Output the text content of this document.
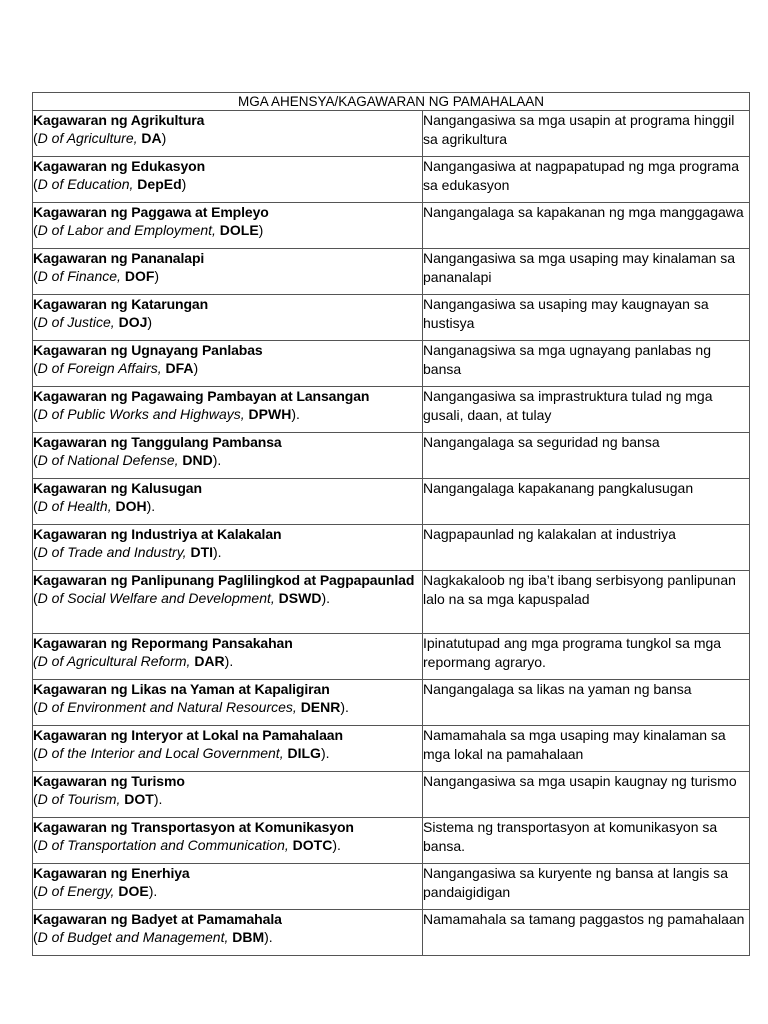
MGA AHENSYA/KAGAWARAN NG PAMAHALAAN	

Kagawaran ng Agrikultura
(D of Agriculture, DA)	Nangangasiwa sa mga usapin at programa hinggil sa agrikultura

Kagawaran ng Edukasyon
(D of Education, DepEd)	Nangangasiwa at nagpapatupad ng mga programa sa edukasyon

Kagawaran ng Paggawa at Empleyo
(D of Labor and Employment, DOLE)	Nangangalaga sa kapakanan ng mga manggagawa

Kagawaran ng Pananalapi
(D of Finance, DOF)	Nangangasiwa sa mga usaping may kinalaman sa pananalapi

Kagawaran ng Katarungan
(D of Justice, DOJ)	Nangangasiwa sa usaping may kaugnayan sa hustisya

Kagawaran ng Ugnayang Panlabas
(D of Foreign Affairs, DFA)	Nanganagsiwa sa mga ugnayang panlabas ng bansa

Kagawaran ng Pagawaing Pambayan at Lansangan
(D of Public Works and Highways, DPWH).	Nangangasiwa sa imprastruktura tulad ng mga gusali, daan, at tulay

Kagawaran ng Tanggulang Pambansa
(D of National Defense, DND).	Nangangalaga sa seguridad ng bansa

Kagawaran ng Kalusugan
(D of Health, DOH).	Nangangalaga kapakanang pangkalusugan

Kagawaran ng Industriya at Kalakalan
(D of Trade and Industry, DTI).	Nagpapaunlad ng kalakalan at industriya

Kagawaran ng Panlipunang Paglilingkod at Pagpapaunlad
(D of Social Welfare and Development, DSWD).	Nagkakaloob ng iba’t ibang serbisyong panlipunan lalo na sa mga kapuspalad

Kagawaran ng Repormang Pansakahan
(D of Agricultural Reform, DAR).	Ipinatutupad ang mga programa tungkol sa mga repormang agraryo.

Kagawaran ng Likas na Yaman at Kapaligiran
(D of Environment and Natural Resources, DENR).	Nangangalaga sa likas na yaman ng bansa

Kagawaran ng Interyor at Lokal na Pamahalaan
(D of the Interior and Local Government, DILG).	Namamahala sa mga usaping may kinalaman sa mga lokal na pamahalaan

Kagawaran ng Turismo
(D of Tourism, DOT).	Nangangasiwa sa mga usapin kaugnay ng turismo

Kagawaran ng Transportasyon at Komunikasyon
(D of Transportation and Communication, DOTC).	Sistema ng transportasyon at komunikasyon sa bansa.

Kagawaran ng Enerhiya
(D of Energy, DOE).	Nangangasiwa sa kuryente ng bansa at langis sa pandaigidigan

Kagawaran ng Badyet at Pamamahala
(D of Budget and Management, DBM).	Namamahala sa tamang paggastos ng pamahalaan
